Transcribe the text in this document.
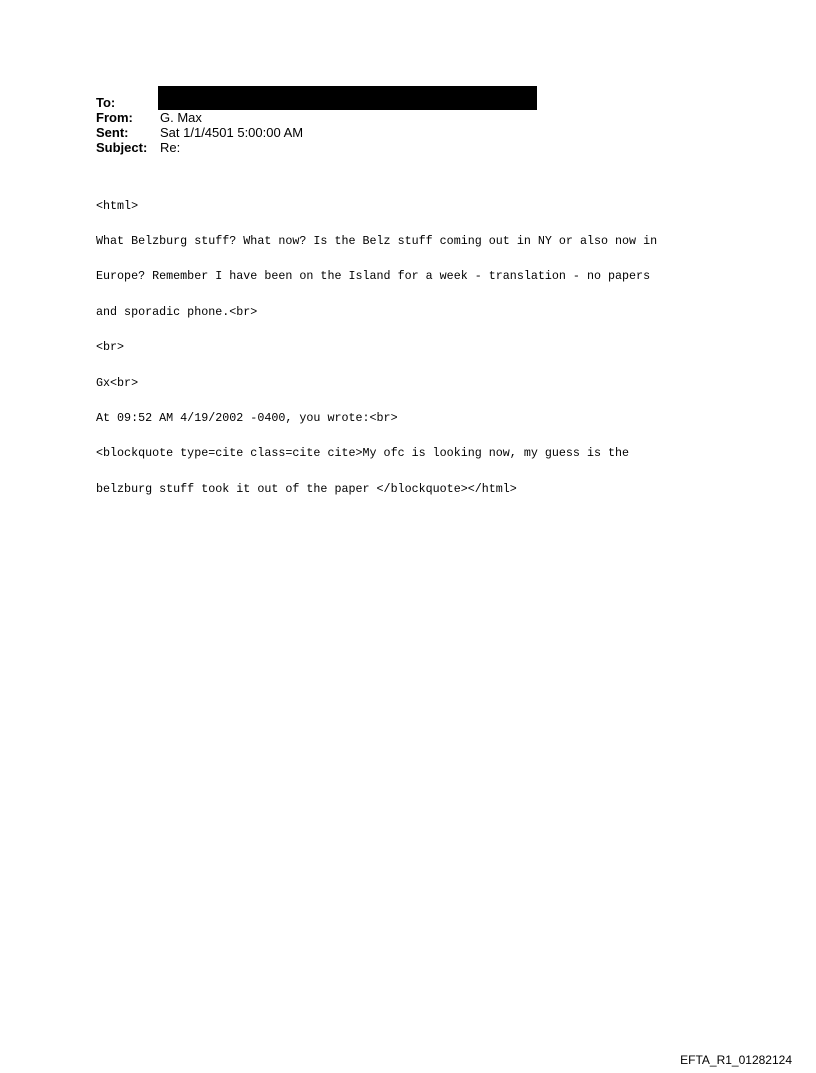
To:
From:	G. Max
Sent:	Sat 1/1/4501 5:00:00 AM
Subject: Re:

<html>

What Belzburg stuff? What now? Is the Belz stuff coming out in NY or also now in

Europe? Remember I have been on the Island for a week - translation - no papers

and sporadic phone.<br>

<br>

Gx<br>

At 09:52 AM 4/19/2002 -0400, you wrote:<br>

<blockquote type=cite class=cite cite>My ofc is looking now, my guess is the

belzburg stuff took it out of the paper </blockquote></html>

EFTA_R1_01282124
